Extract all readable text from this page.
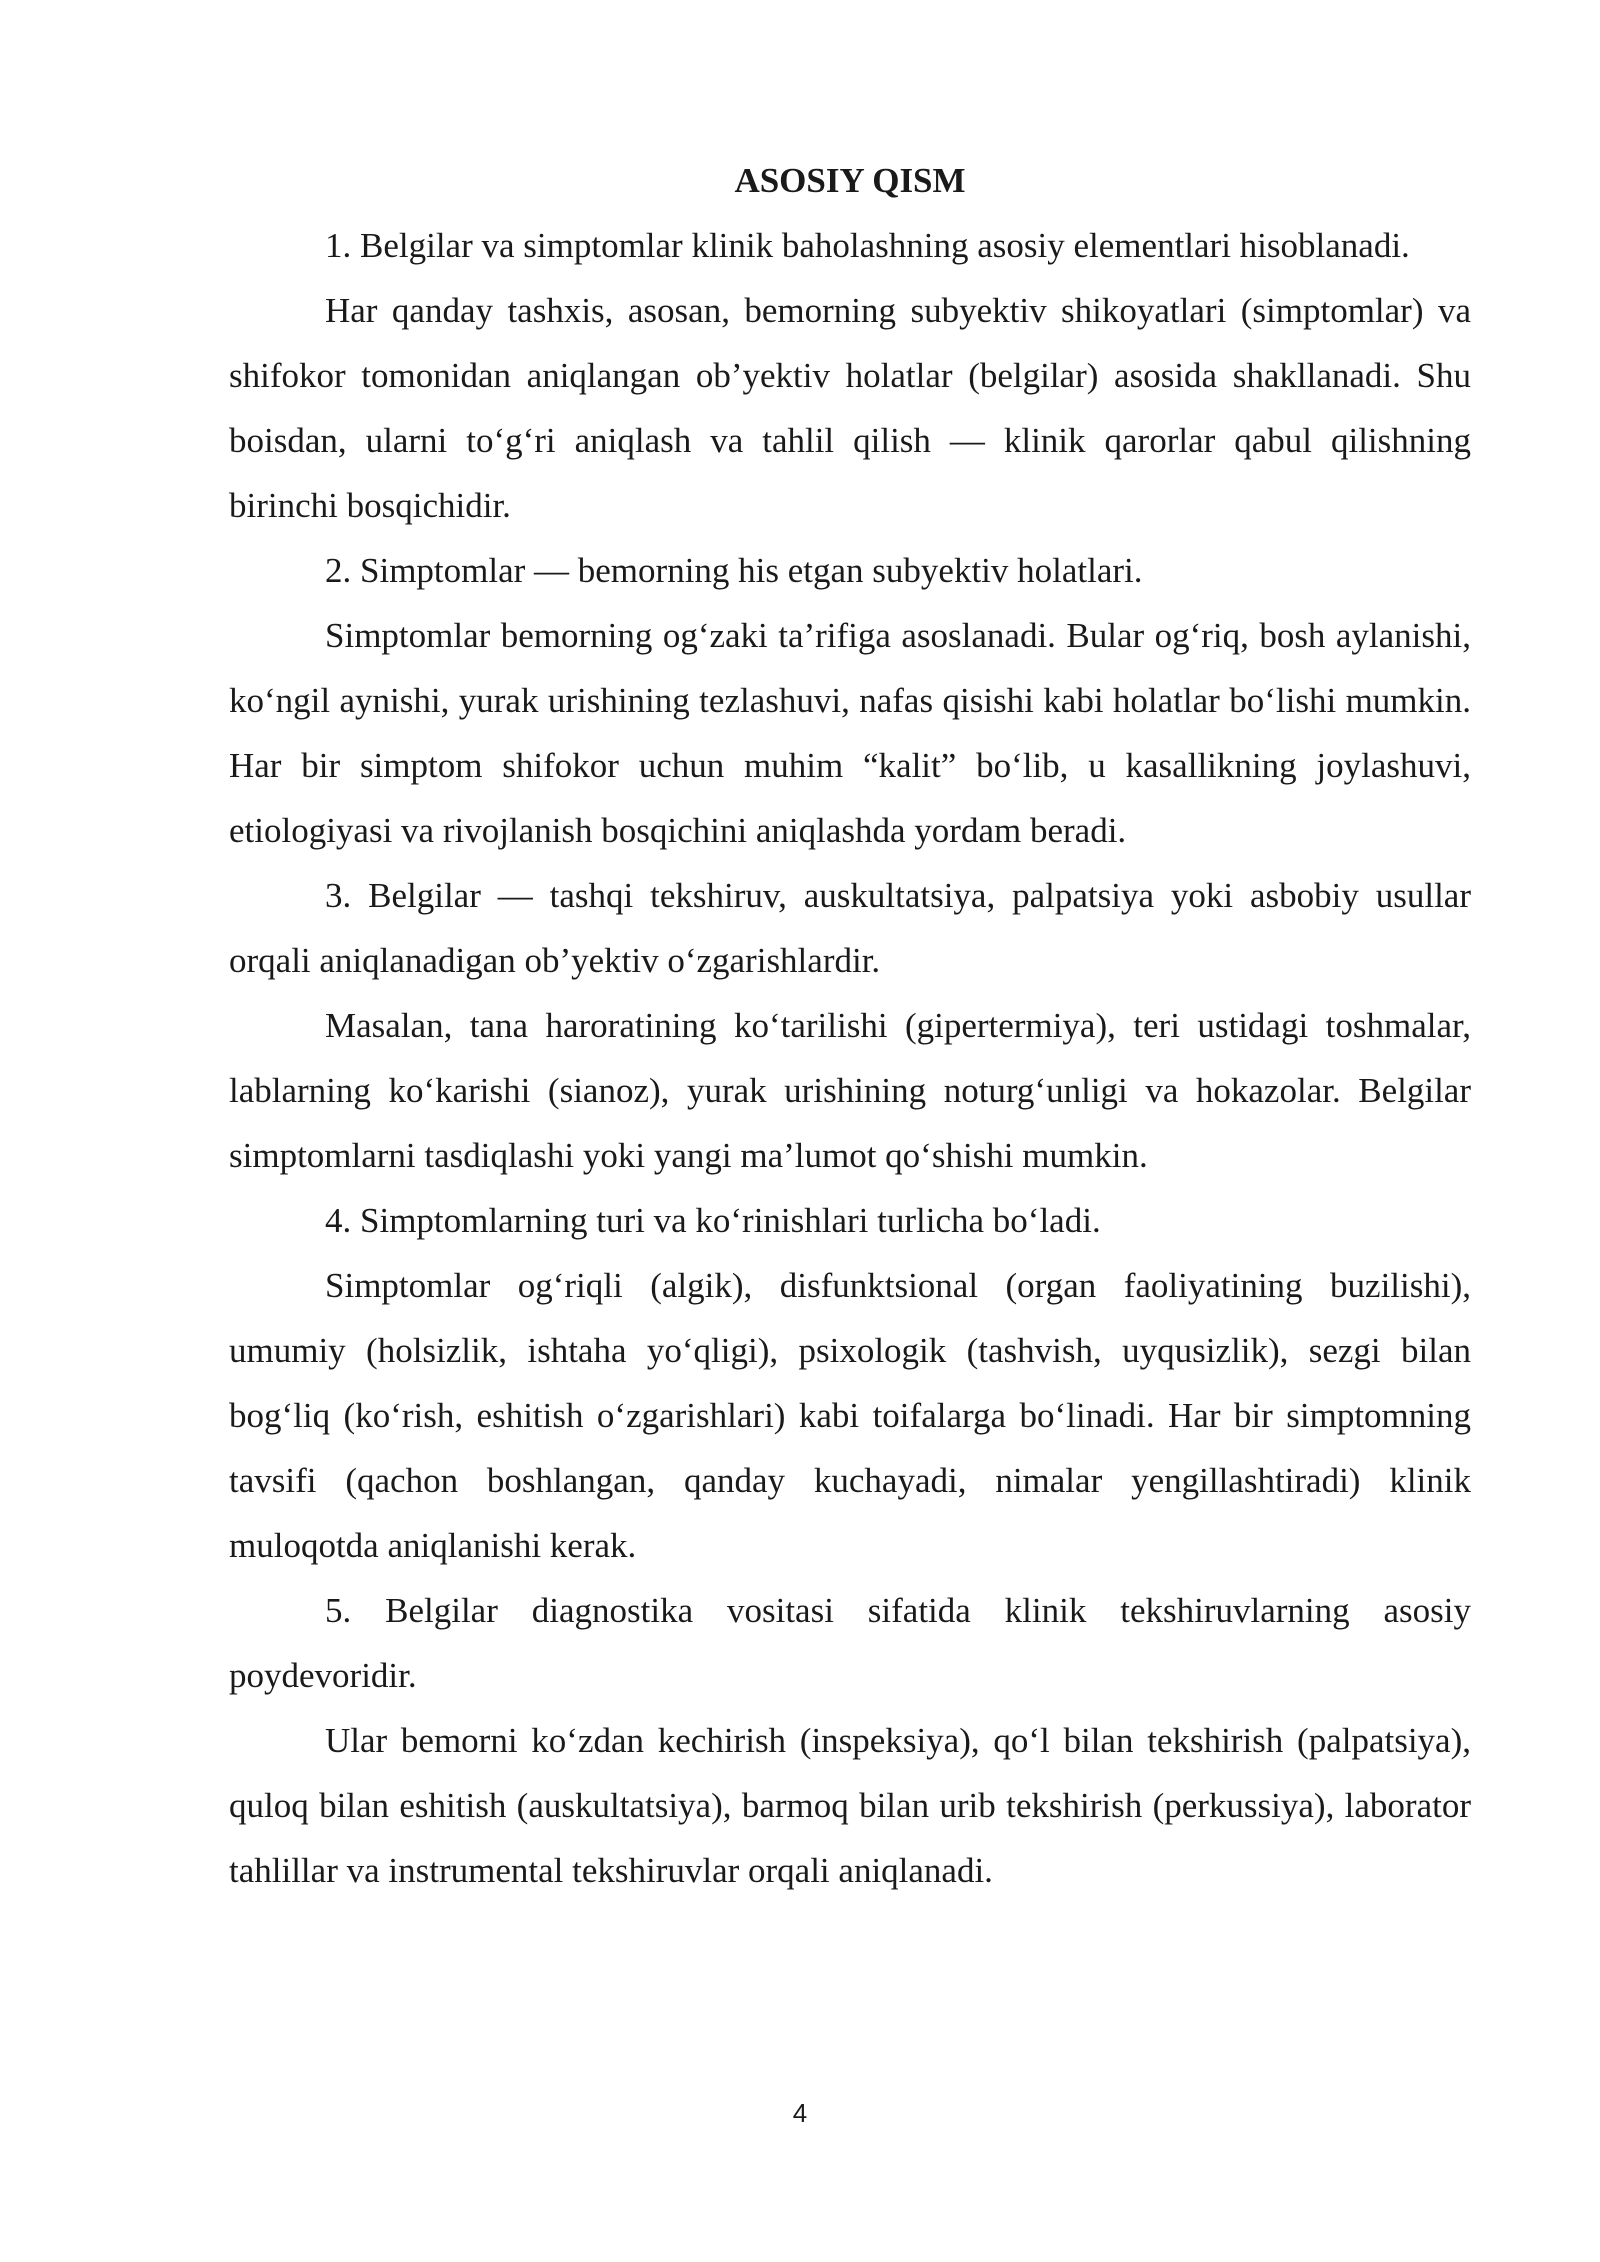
ASOSIY QISM

1. Belgilar va simptomlar klinik baholashning asosiy elementlari hisoblanadi.

Har qanday tashxis, asosan, bemorning subyektiv shikoyatlari (simptomlar) va shifokor tomonidan aniqlangan ob’yektiv holatlar (belgilar) asosida shakllanadi. Shu boisdan, ularni to‘g‘ri aniqlash va tahlil qilish — klinik qarorlar qabul qilishning birinchi bosqichidir.

2. Simptomlar — bemorning his etgan subyektiv holatlari.

Simptomlar bemorning og‘zaki ta’rifiga asoslanadi. Bular og‘riq, bosh aylanishi, ko‘ngil aynishi, yurak urishining tezlashuvi, nafas qisishi kabi holatlar bo‘lishi mumkin. Har bir simptom shifokor uchun muhim “kalit” bo‘lib, u kasallikning joylashuvi, etiologiyasi va rivojlanish bosqichini aniqlashda yordam beradi.

3. Belgilar — tashqi tekshiruv, auskultatsiya, palpatsiya yoki asbobiy usullar orqali aniqlanadigan ob’yektiv o‘zgarishlardir.

Masalan, tana haroratining ko‘tarilishi (gipertermiya), teri ustidagi toshmalar, lablarning ko‘karishi (sianoz), yurak urishining noturg‘unligi va hokazolar. Belgilar simptomlarni tasdiqlashi yoki yangi ma’lumot qo‘shishi mumkin.

4. Simptomlarning turi va ko‘rinishlari turlicha bo‘ladi.

Simptomlar og‘riqli (algik), disfunktsional (organ faoliyatining buzilishi), umumiy (holsizlik, ishtaha yo‘qligi), psixologik (tashvish, uyqusizlik), sezgi bilan bog‘liq (ko‘rish, eshitish o‘zgarishlari) kabi toifalarga bo‘linadi. Har bir simptomning tavsifi (qachon boshlangan, qanday kuchayadi, nimalar yengillashtiradi) klinik muloqotda aniqlanishi kerak.

5. Belgilar diagnostika vositasi sifatida klinik tekshiruvlarning asosiy poydevoridir.

Ular bemorni ko‘zdan kechirish (inspeksiya), qo‘l bilan tekshirish (palpatsiya), quloq bilan eshitish (auskultatsiya), barmoq bilan urib tekshirish (perkussiya), laborator tahlillar va instrumental tekshiruvlar orqali aniqlanadi.

4
